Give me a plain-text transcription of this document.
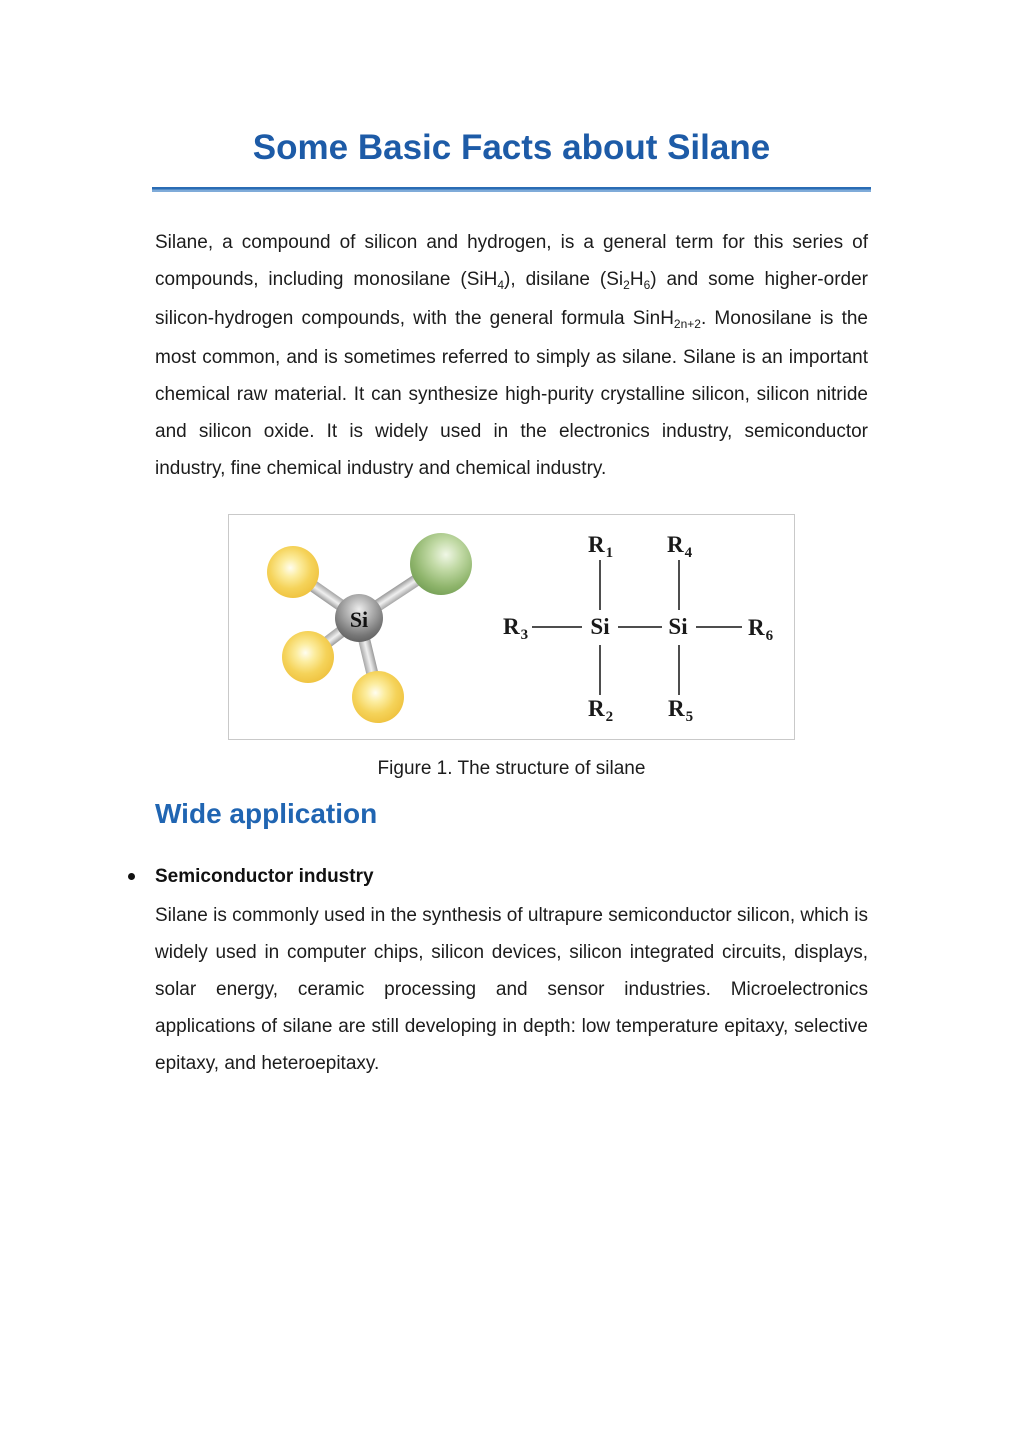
Some Basic Facts about Silane

Silane, a compound of silicon and hydrogen, is a general term for this series of compounds, including monosilane (SiH$_4$), disilane $(Si_2H_6)$ and some higher-order silicon-hydrogen compounds, with the general formula SinH$_{2n+2}$. Monosilane is the most common, and is sometimes referred to simply as silane. Silane is an important chemical raw material. It can synthesize high-purity crystalline silicon, silicon nitride and silicon oxide. It is widely used in the electronics industry, semiconductor industry, fine chemical industry and chemical industry.

Si
$R_1$ $R_4$
$R_3$	Si	Si	$R_6$
$R_2$ $R_5$
Figure 1. The structure of silane
Wide application
Semiconductor industry

Silane is commonly used in the synthesis of ultrapure semiconductor silicon, which is widely used in computer chips, silicon devices, silicon integrated circuits, displays, solar energy, ceramic processing and sensor industries. Microelectronics applications of silane are still developing in depth: low temperature epitaxy, selective epitaxy, and heteroepitaxy.
